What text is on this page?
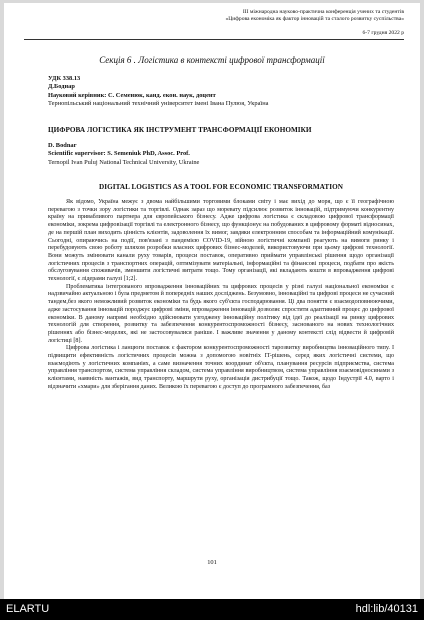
III міжнародна науково-практична конференція учених та студентів
«Цифрова економіка як фактор інновацій та сталого розвитку суспільства»
6-7 грудня 2022 р
Секція 6 . Логістика в контексті цифрової трансформації
УДК 338.13
Д.Боднар
Науковий керівник: С. Семенюк, канд. екон. наук, доцент
Тернопільський національний технічний університет імені Івана Пулюя, Україна
ЦИФРОВА ЛОГІСТИКА ЯК ІНСТРУМЕНТ ТРАНСФОРМАЦІЇ ЕКОНОМІКИ
D. Bodnar
Scientific supervisor: S. Semeniuk PhD, Assoc. Prof.
Ternopil Ivan Puluj National Technical University, Ukraine
DIGITAL LOGISTICS AS A TOOL FOR ECONOMIC TRANSFORMATION

Як відомо, Україна межує з двома найбільшими торговими блоками світу і має вихід до моря, що є її географічною перевагою з точки зору логістики та торгівлі. Однак зараз що моревату підсилює розвиток інновацій, підтримуючи конкурентну країну на привабливого партнера для європейського бізнесу. Адже цифрова логістика є складовою цифрової трансформації економіки, зокрема цифровізації торгівлі та електронного бізнесу, що функціонує на побудованих в цифровому форматі відносинах, де на першій план виходить цінність клієнтів, задоволення їх вимог, завдяки електронним способам та інформаційний комунікації. Сьогодні, опираючись на події, пов'язані з пандемією COVID-19, війною логістичні компанії реагують на вимоги ринку і перебудовують свою роботу шляхом розробки власних цифрових бізнес-моделей, використовуючи при цьому цифрові технології. Вони можуть змінювати канали руху товарів, процеси поставок, оперативно приймати управлінські рішення щодо організації логістичних процесів з транспортних операцій, оптимізувати матеріальні, інформаційні та фінансові процеси, подбати про якість обслуговування споживачів, зменшити логістичні витрати тощо. Тому організації, які вкладають кошти в впровадження цифрові технології, є лідерами галузі [1;2].

Проблематика інтегрованого впровадження інноваційних та цифрових процесів у різні галузі національної економіки є надзвичайно актуальною і була предметом й попередніх наших досліджень. Безумовно, інноваційні та цифрові процеси не сучасний тандем,без якого неможливий розвиток економіки та будь якого суб'єкта господарювання. Ці два поняття є взаємодоповнюючими, адже застосування інновацій породжує цифрові зміни, впровадження інновацій дозволяє спростити адаптивний процес до цифрової економіки. В даному напрямі необхідно здійснювати узгоджену інноваційну політику від ідеї до реалізації на ринку цифрових технологій для створення, розвитку та забезпечення конкурентоспроможності бізнесу, заснованого на нових технологічних рішеннях або бізнес-моделях, які не застосовувалися раніше. І важливе значення у даному контексті слід відвести й цифровій логістиці [8].

Цифрова логістика і ланцюги поставок є фактором конкурентоспроможності тарозвитку виробництва інноваційного типу. І підвищити ефективність логістичних процесів можна з допомогою новітніх IT-рішень, серед яких логістичні системи, що взаємодіють у логістичних компаніях, а саме визначення точних координат об'єкта, планування ресурсів підприємства, система управління транспортом, система управління складом, система управління виробництвом, система управління взаємовідносинами з клієнтами, наявність вантажів, вид транспорту, маршрути руху, організація дистрибуції тощо. Також, щодо Індустрії 4.0, варто і відзначити «хмари» для зберігання даних. Великою їх перевагою є доступ до програмного забезпечення, баз

101
ELARTU	hdl:lib/40131
